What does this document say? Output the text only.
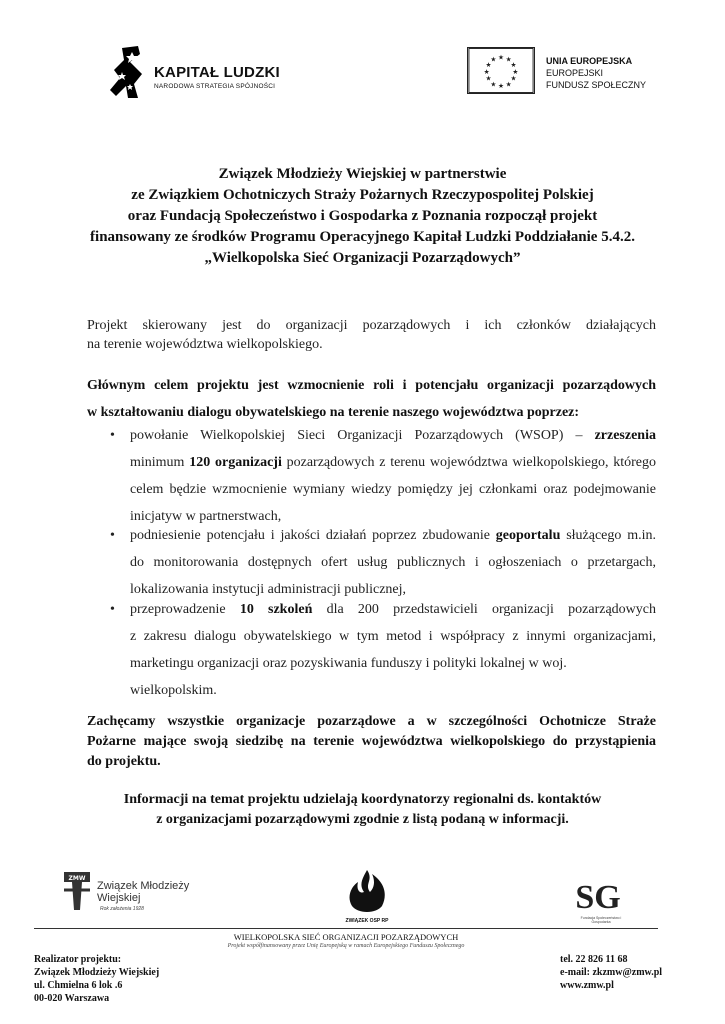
KAPITAŁ LUDZKI
NARODOWA STRATEGIA SPÓJNOŚCI
★ ★
★
★
★
★
★
★
★
★
★
★	UNIA EUROPEJSKA
EUROPEJSKI
FUNDUSZ SPOŁECZNY
Związek Młodzieży Wiejskiej w partnerstwie
ze Związkiem Ochotniczych Straży Pożarnych Rzeczypospolitej Polskiej
oraz Fundacją Społeczeństwo i Gospodarka z Poznania rozpoczął projekt
finansowany ze środków Programu Operacyjnego Kapitał Ludzki Poddziałanie 5.4.2.
„Wielkopolska Sieć Organizacji Pozarządowych”
Projekt skierowany jest do organizacji pozarządowych i ich członków działających
na terenie województwa wielkopolskiego.
Głównym celem projektu jest wzmocnienie roli i potencjału organizacji pozarządowych
w kształtowaniu dialogu obywatelskiego na terenie naszego województwa poprzez:
•	powołanie Wielkopolskiej Sieci Organizacji Pozarządowych (WSOP) – zrzeszenia
minimum 120 organizacji pozarządowych z terenu województwa wielkopolskiego, którego
celem będzie wzmocnienie wymiany wiedzy pomiędzy jej członkami oraz podejmowanie
inicjatyw w partnerstwach,
•	podniesienie potencjału i jakości działań poprzez zbudowanie geoportalu służącego m.in.
do monitorowania dostępnych ofert usług publicznych i ogłoszeniach o przetargach,
lokalizowania instytucji administracji publicznej,
•	przeprowadzenie 10 szkoleń dla 200 przedstawicieli organizacji pozarządowych
z zakresu dialogu obywatelskiego w tym metod i współpracy z innymi organizacjami,
marketingu organizacji oraz pozyskiwania funduszy i polityki lokalnej w woj. wielkopolskim.
Zachęcamy wszystkie organizacje pozarządowe a w szczególności Ochotnicze Straże
Pożarne mające swoją siedzibę na terenie województwa wielkopolskiego do przystąpienia
do projektu.
Informacji na temat projektu udzielają koordynatorzy regionalni ds. kontaktów
z organizacjami pozarządowymi zgodnie z listą podaną w informacji.
ZMW
Związek Młodzieży
Wiejskiej
Rok założenia 1928
ZWIĄZEK OSP RP
SG
Fundacja Społeczeństwo i Gospodarka
WIELKOPOLSKA SIEĆ ORGANIZACJI POZARZĄDOWYCH
Projekt współfinansowany przez Unię Europejską w ramach Europejskiego Funduszu Społecznego
Realizator projektu:
Związek Młodzieży Wiejskiej
ul. Chmielna 6 lok .6
00-020 Warszawa
tel. 22 826 11 68
e-mail: zkzmw@zmw.pl
www.zmw.pl
